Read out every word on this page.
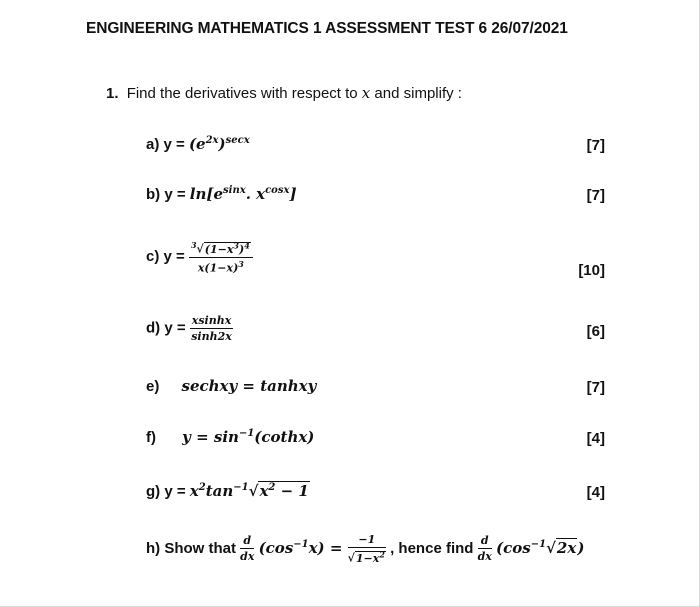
ENGINEERING MATHEMATICS 1 ASSESSMENT TEST 6 26/07/2021
1. Find the derivatives with respect to x and simplify :
a) $y = (e^{2x})^{secx}$	[7]
b) $y = \ln[e^{sinx}$. $x^{cosx}$]	[7]
c) $y = \frac{^3√(1-x^3)^4}{x(1-x)^3}$	[10]
d) $y = \frac{xsinhx}{\sinh 2x}$	[6]
e) sechxy = tanhxy	[7]
f) $y = \sin^{-1}(cothx)$	[4]
g) $y = x^2\tan^{-1}√x^2 - 1$	[4]
h) Show that $\frac{d}{dx} (\cos^{-1}x) = \frac{-1}{√1-x^2}$ , hence find $\frac{d}{dx} (\cos^{-1}√2x)$
